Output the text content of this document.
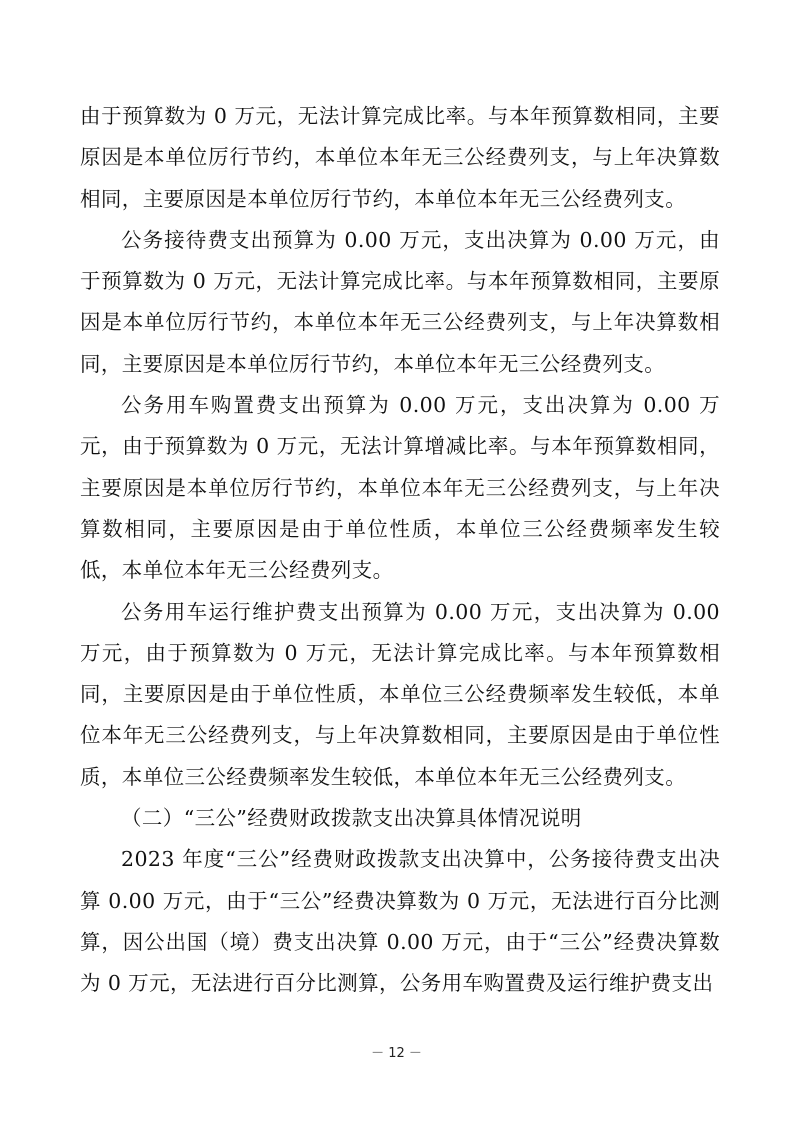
由于预算数为 0 万元，无法计算完成比率。与本年预算数相同，主要原因是本单位厉行节约，本单位本年无三公经费列支，与上年决算数相同，主要原因是本单位厉行节约，本单位本年无三公经费列支。

公务接待费支出预算为 0.00 万元，支出决算为 0.00 万元，由于预算数为 0 万元，无法计算完成比率。与本年预算数相同，主要原因是本单位厉行节约，本单位本年无三公经费列支，与上年决算数相同，主要原因是本单位厉行节约，本单位本年无三公经费列支。

公务用车购置费支出预算为 0.00 万元，支出决算为 0.00 万元，由于预算数为 0 万元，无法计算增减比率。与本年预算数相同，主要原因是本单位厉行节约，本单位本年无三公经费列支，与上年决算数相同，主要原因是由于单位性质，本单位三公经费频率发生较低，本单位本年无三公经费列支。

公务用车运行维护费支出预算为 0.00 万元，支出决算为 0.00 万元，由于预算数为 0 万元，无法计算完成比率。与本年预算数相同，主要原因是由于单位性质，本单位三公经费频率发生较低，本单位本年无三公经费列支，与上年决算数相同，主要原因是由于单位性质，本单位三公经费频率发生较低，本单位本年无三公经费列支。

（二）“三公”经费财政拨款支出决算具体情况说明

2023 年度“三公”经费财政拨款支出决算中，公务接待费支出决算 0.00 万元，由于“三公”经费决算数为 0 万元，无法进行百分比测算，因公出国（境）费支出决算 0.00 万元，由于“三公”经费决算数为 0 万元，无法进行百分比测算，公务用车购置费及运行维护费支出

－ 12 －
